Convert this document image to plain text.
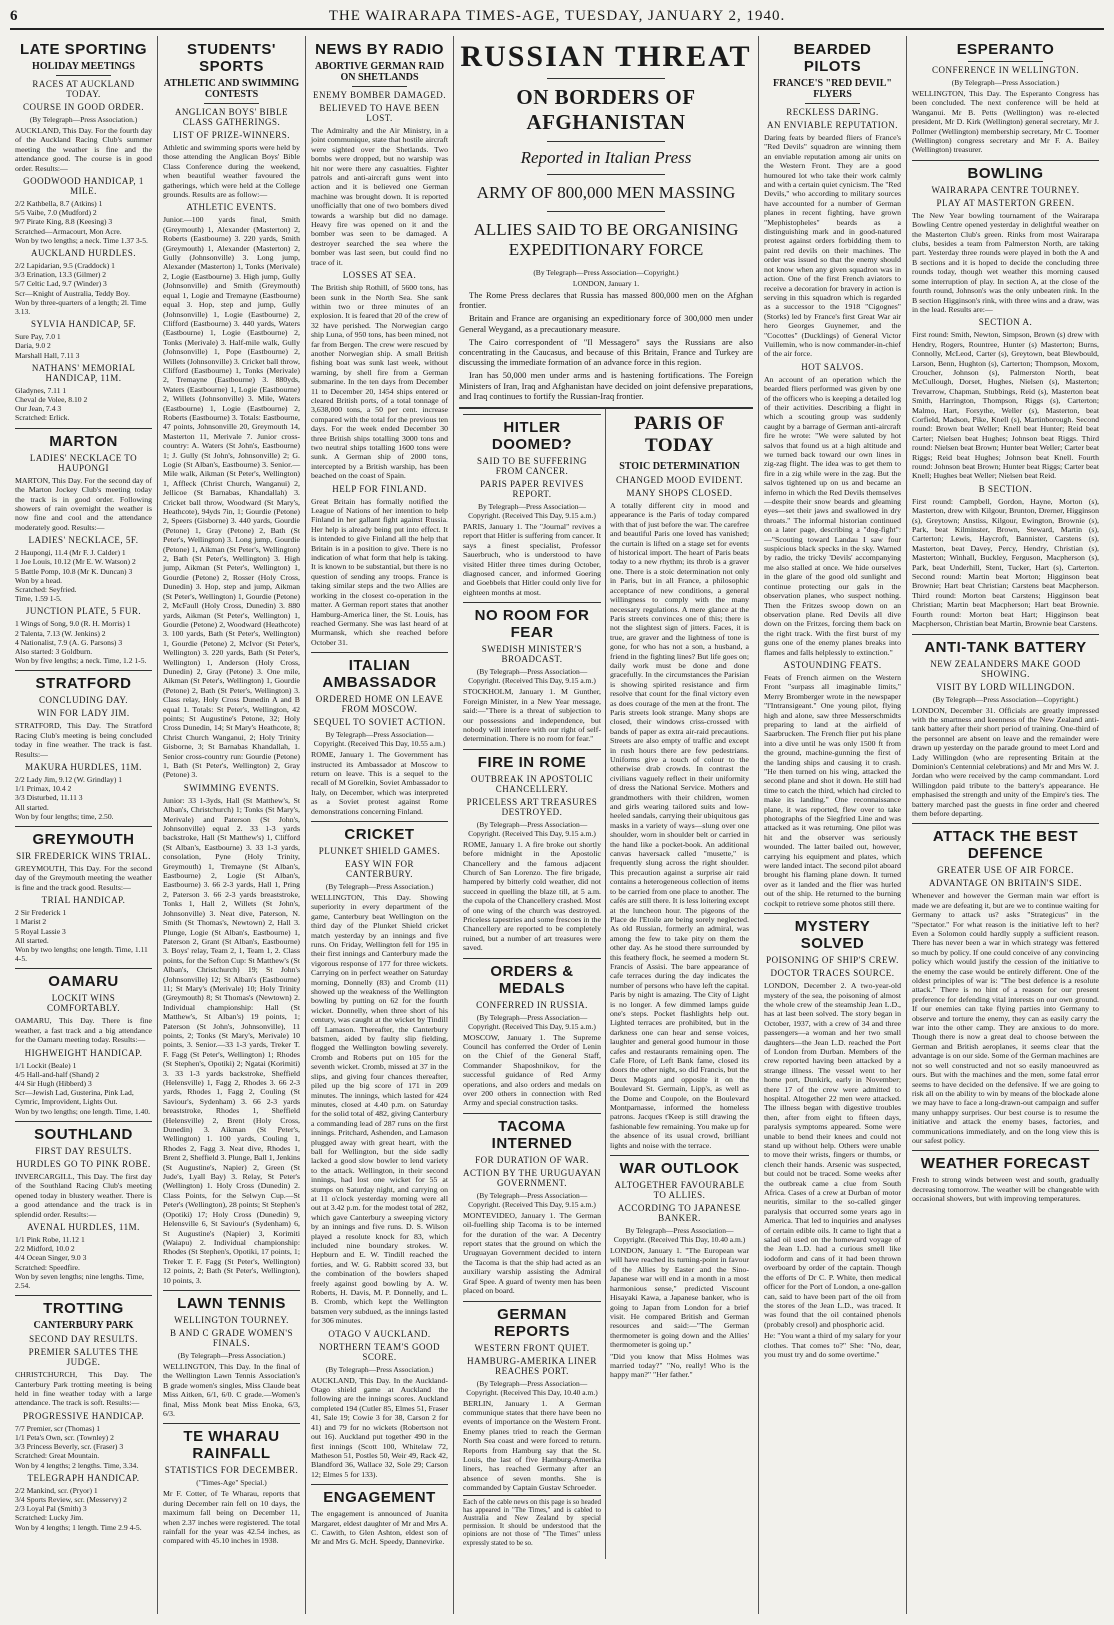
6	THE WAIRARAPA TIMES-AGE, TUESDAY, JANUARY 2, 1940.
LATE SPORTING
HOLIDAY MEETINGS
RACES AT AUCKLAND TODAY.
COURSE IN GOOD ORDER.
(By Telegraph—Press Association.)

AUCKLAND, This Day. For the fourth day of the Auckland Racing Club's summer meeting the weather is fine and the attendance good. The course is in good order. Results:—

GOODWOOD HANDICAP, 1 MILE.

2/2 Kathbella, 8.7 (Atkins) 1
5/5 Vaibe, 7.0 (Mudford) 2
9/7 Pirate King, 8.8 (Keesing) 3
Scratched—Armacourt, Mon Acre.
Won by two lengths; a neck. Time 1.37 3-5.

AUCKLAND HURDLES.

2/2 Lapidarian, 9.5 (Craddock) 1
3/3 Erination, 13.3 (Gilmer) 2
5/7 Celtic Lad, 9.7 (Winder) 3
Scr—Knight of Australia, Teddy Boy.
Won by three-quarters of a length; 2l. Time 3.13.

SYLVIA HANDICAP, 5F.

Sure Pay, 7.0 1
Daria, 9.0 2
Marshall Hall, 7.11 3

NATHANS' MEMORIAL HANDICAP, 11M.

Gladynes, 7.11 1
Cheval de Volee, 8.10 2
Our Jean, 7.4 3
Scratched: Erlick.

MARTON
LADIES' NECKLACE TO HAUPONGI

MARTON, This Day. For the second day of the Marton Jockey Club's meeting today the track is in good order. Following showers of rain overnight the weather is now fine and cool and the attendance moderately good. Results:—

LADIES' NECKLACE, 5F.

2 Haupongi, 11.4 (Mr F. J. Calder) 1
1 Joe Louis, 10.12 (Mr E. W. Watson) 2
5 Battle Pomp, 10.8 (Mr K. Duncan) 3
Won by a head.
Scratched: Seyfried.
Time, 1.59 1-5.

JUNCTION PLATE, 5 FUR.

1 Wings of Song, 9.0 (R. H. Morris) 1
2 Talenta, 7.13 (W. Jenkins) 2
4 Nationalist, 7.9 (A. G. Parsons) 3
Also started: 3 Goldburn.
Won by five lengths; a neck. Time, 1.2 1-5.

STRATFORD
CONCLUDING DAY.
WIN FOR LADY JIM.

STRATFORD, This Day. The Stratford Racing Club's meeting is being concluded today in fine weather. The track is fast. Results:—

MAKURA HURDLES, 11M.

2/2 Lady Jim, 9.12 (W. Grindlay) 1
1/1 Primax, 10.4 2
3/3 Disturbed, 11.11 3
All started.
Won by four lengths; time, 2.50.

GREYMOUTH
SIR FREDERICK WINS TRIAL.

GREYMOUTH, This Day. For the second day of the Greymouth meeting the weather is fine and the track good. Results:—

TRIAL HANDICAP.

2 Sir Frederick 1
1 Marist 2
5 Royal Lassie 3
All started.
Won by two lengths; one length. Time, 1.11 4-5.

OAMARU
LOCKIT WINS COMFORTABLY.

OAMARU, This Day. There is fine weather, a fast track and a big attendance for the Oamaru meeting today. Results:—

HIGHWEIGHT HANDICAP.

1/1 Lockit (Beale) 1
4/5 Hall-and-half (Shand) 2
4/4 Sir Hugh (Hibberd) 3
Scr—Jewish Lad, Gusterina, Pink Lad, Cymric, Improvident, Lights Out.
Won by two lengths; one length. Time, 1.40.

SOUTHLAND
FIRST DAY RESULTS.
HURDLES GO TO PINK ROBE.

INVERCARGILL, This Day. The first day of the Southland Racing Club's meeting opened today in blustery weather. There is a good attendance and the track is in splendid order. Results:—

AVENAL HURDLES, 11M.

1/1 Pink Robe, 11.12 1
2/2 Midford, 10.0 2
4/4 Ocean Singer, 9.0 3
Scratched: Speedfire.
Won by seven lengths; nine lengths. Time, 2.54.

TROTTING
CANTERBURY PARK
SECOND DAY RESULTS.
PREMIER SALUTES THE JUDGE.

CHRISTCHURCH, This Day. The Canterbury Park trotting meeting is being held in fine weather today with a large attendance. The track is soft. Results:—

PROGRESSIVE HANDICAP.

7/7 Premier, scr (Thomas) 1
1/1 Peta's Own, scr. (Townley) 2
3/3 Princess Beverly, scr. (Fraser) 3
Scratched: Great Mountain.
Won by 4 lengths; 2 lengths. Time, 3.34.

TELEGRAPH HANDICAP.

2/2 Mankind, scr. (Pryor) 1
3/4 Sports Review, scr. (Messervy) 2
2/3 Loyal Pal (Smith) 3
Scratched: Lucky Jim.
Won by 4 lengths; 1 length. Time 2.9 4-5.

STUDENTS' SPORTS
ATHLETIC AND SWIMMING CONTESTS
ANGLICAN BOYS' BIBLE CLASS GATHERINGS.
LIST OF PRIZE-WINNERS.

Athletic and swimming sports were held by those attending the Anglican Boys' Bible Class Conference during the weekend, when beautiful weather favoured the gatherings, which were held at the College grounds. Results are as follow:—

ATHLETIC EVENTS.

Junior.—100 yards final, Smith (Greymouth) 1, Alexander (Masterton) 2, Roberts (Eastbourne) 3. 220 yards, Smith (Greymouth) 1, Alexander (Masterton) 2, Gully (Johnsonville) 3. Long jump, Alexander (Masterton) 1, Tonks (Merivale) 2, Logie (Eastbourne) 3. High jump, Gully (Johnsonville) and Smith (Greymouth) equal 1, Logie and Tremayne (Eastbourne) equal 3. Hop, step and jump, Gully (Johnsonville) 1, Logie (Eastbourne) 2, Clifford (Eastbourne) 3. 440 yards, Waters (Eastbourne) 1, Logie (Eastbourne) 2, Tonks (Merivale) 3. Half-mile walk, Gully (Johnsonville) 1, Pope (Eastbourne) 2, Willets (Johnsonville) 3. Cricket ball throw, Clifford (Eastbourne) 1, Tonks (Merivale) 2, Tremayne (Eastbourne) 3. 880yds, Waters (Eastbourne) 1, Logie (Eastbourne) 2, Willets (Johnsonville) 3. Mile, Waters (Eastbourne) 1, Logie (Eastbourne) 2, Roberts (Eastbourne) 3. Totals: Eastbourne, 47 points, Johnsonville 20, Greymouth 14, Masterton 11, Merivale 7. Junior cross-country: A. Waters (St John's, Eastbourne) 1; J. Gully (St John's, Johnsonville) 2; G. Logie (St Alban's, Eastbourne) 3. Senior.—Mile walk, Aikman (St Peter's, Wellington) 1, Affleck (Christ Church, Wanganui) 2, Jellicoe (St Barnabas, Khandallah) 3. Cricket ball throw, Woodward (St Mary's, Heathcote), 94yds 7in, 1; Gourdie (Petone) 2, Speers (Gisborne) 3. 440 yards, Gourdie (Petone) 1, Gray (Petone) 2, Bath (St Peter's, Wellington) 3. Long jump, Gourdie (Petone) 1, Aikman (St Peter's, Wellington) 2, Bath (St Peter's, Wellington) 3. High jump, Aikman (St Peter's, Wellington) 1, Gourdie (Petone) 2, Rosser (Holy Cross, Dunedin) 3. Hop, step and jump, Aikman (St Peter's, Wellington) 1, Gourdie (Petone) 2, McFaull (Holy Cross, Dunedin) 3. 880 yards, Aikman (St Peter's, Wellington) 1, Gourdie (Petone) 2, Woodward (Heathcote) 3. 100 yards, Bath (St Peter's, Wellington) 1, Gourdie (Petone) 2, McIvor (St Peter's, Wellington) 3. 220 yards, Bath (St Peter's, Wellington) 1, Anderson (Holy Cross, Dunedin) 2, Gray (Petone) 3. One mile, Aikman (St Peter's, Wellington) 1, Gourdie (Petone) 2, Bath (St Peter's, Wellington) 3. Class relay, Holy Cross Dunedin A and B equal 1. Totals: St Peter's, Wellington, 42 points; St Augustine's Petone, 32; Holy Cross Dunedin, 14; St Mary's Heathcote, 8; Christ Church Wanganui, 2; Holy Trinity Gisborne, 3; St Barnabas Khandallah, 1. Senior cross-country run: Gourdie (Petone) 1, Bath (St Peter's, Wellington) 2, Gray (Petone) 3.

SWIMMING EVENTS.

Junior: 33 1-3yds, Hall (St Matthew's, St Alban's, Christchurch) 1; Tonks (St Mary's, Merivale) and Paterson (St John's, Johnsonville) equal 2. 33 1-3 yards backstroke, Hall (St Matthew's) 1, Clifford (St Alban's, Eastbourne) 3. 33 1-3 yards, consolation, Pyne (Holy Trinity, Greymouth) 1, Tremayne (St Alban's, Eastbourne) 2, Logie (St Alban's, Eastbourne) 3. 66 2-3 yards, Hall 1, Pring 2, Paterson 3. 66 2-3 yards breaststroke, Tonks 1, Hall 2, Willets (St John's, Johnsonville) 3. Neat dive, Paterson, N. Smith (St Thomas's, Newtown) 2, Hall 3. Plunge, Logie (St Alban's, Eastbourne) 1, Paterson 2, Grant (St Alban's, Eastbourne) 3. Boys' relay, Team 2, 1, Team 1, 2. Class points, for the Sefton Cup: St Matthew's (St Alban's, Christchurch) 19; St John's (Johnsonville) 12; St Alban's (Eastbourne) 11; St Mary's (Merivale) 10; Holy Trinity (Greymouth) 8; St Thomas's (Newtown) 2. Individual championship: Hall (St Matthew's, St Alban's) 19 points, 1; Paterson (St John's, Johnsonville), 11 points, 2; Tonks (St Mary's, Merivale) 10 points, 3. Senior.—33 1-3 yards, Treker T. F. Fagg (St Peter's, Wellington) 1; Rhodes (St Stephen's, Opotiki) 2; Ngatai (Korimiti) 3. 33 1-3 yards backstroke, Sheffield (Helensville) 1, Fagg 2, Rhodes 3. 66 2-3 yards, Rhodes 1, Fagg 2, Couling (St Saviour's, Sydenham) 3. 66 2-3 yards breaststroke, Rhodes 1, Sheffield (Helensville) 2, Brent (Holy Cross, Dunedin) 3. Aikman (St Peter's, Wellington) 1. 100 yards, Couling 1, Rhodes 2, Fagg 3. Neat dive, Rhodes 1, Brent 2, Sheffield 3. Plunge, Ball 1, Jenkins (St Augustine's, Napier) 2, Green (St Jude's, Lyall Bay) 3. Relay, St Peter's (Wellington) 1. Holy Cross (Dunedin) 2. Class Points, for the Selwyn Cup.—St Peter's (Wellington), 28 points; St Stephen's (Opotiki) 17; Holy Cross (Dunedin) 9, Helensville 6, St Saviour's (Sydenham) 6, St Augustine's (Napier) 3, Korimiti (Waiapu) 2. Individual championship: Rhodes (St Stephen's, Opotiki, 17 points, 1; Treker T. F. Fagg (St Peter's, Wellington) 12 points, 2; Bath (St Peter's, Wellington), 10 points, 3.

LAWN TENNIS
WELLINGTON TOURNEY.
B AND C GRADE WOMEN'S FINALS.
(By Telegraph—Press Association.)

WELLINGTON, This Day. In the final of the Wellington Lawn Tennis Association's B grade women's singles, Miss Claude beat Miss Aitken, 6/1, 6/0. C grade.—Women's final, Miss Monk beat Miss Enoka, 6/3, 6/3.

TE WHARAU RAINFALL
STATISTICS FOR DECEMBER.
("Times-Age" Special.)

Mr F. Cotter, of Te Wharau, reports that during December rain fell on 10 days, the maximum fall being on December 11, when 2.37 inches were registered. The total rainfall for the year was 42.54 inches, as compared with 45.10 inches in 1938.

NEWS BY RADIO
ABORTIVE GERMAN RAID ON SHETLANDS
ENEMY BOMBER DAMAGED.
BELIEVED TO HAVE BEEN LOST.

The Admiralty and the Air Ministry, in a joint communique, state that hostile aircraft were sighted over the Shetlands. Two bombs were dropped, but no warship was hit nor were there any casualties. Fighter patrols and anti-aircraft guns went into action and it is believed one German machine was brought down. It is reported unofficially that one of two bombers dived towards a warship but did no damage. Heavy fire was opened on it and the bomber was seen to be damaged. A destroyer searched the sea where the bomber was last seen, but could find no trace of it.

LOSSES AT SEA.

The British ship Rothill, of 5600 tons, has been sunk in the North Sea. She sank within two or three minutes of an explosion. It is feared that 20 of the crew of 32 have perished. The Norwegian cargo ship Luna, of 950 tons, has been mined, not far from Bergen. The crew were rescued by another Norwegian ship. A small British fishing boat was sunk last week, without warning, by shell fire from a German submarine. In the ten days from December 11 to December 20, 1454 ships entered or cleared British ports, of a total tonnage of 3,638,000 tons, a 50 per cent. increase compared with the total for the previous ten days. For the week ended December 30 three British ships totalling 3000 tons and two neutral ships totalling 1600 tons were sunk. A German ship of 2000 tons, intercepted by a British warship, has been beached on the coast of Spain.

HELP FOR FINLAND.

Great Britain has formally notified the League of Nations of her intention to help Finland in her gallant fight against Russia. Her help is already being put into effect. It is intended to give Finland all the help that Britain is in a position to give. There is no indication of what form that help is taking. It is known to be substantial, but there is no question of sending any troops. France is taking similar steps and the two Allies are working in the closest co-operation in the matter. A German report states that another Hamburg-America liner, the St. Louis, has reached Germany. She was last heard of at Murmansk, which she reached before October 31.

ITALIAN AMBASSADOR
ORDERED HOME ON LEAVE FROM MOSCOW.
SEQUEL TO SOVIET ACTION.
By Telegraph—Press Association—Copyright. (Received This Day, 10.55 a.m.)

ROME, January 1. The Government has instructed its Ambassador at Moscow to return on leave. This is a sequel to the recall of M Gorelkin, Soviet Ambassador to Italy, on December, which was interpreted as a Soviet protest against Rome demonstrations concerning Finland.

CRICKET
PLUNKET SHIELD GAMES.
EASY WIN FOR CANTERBURY.
(By Telegraph—Press Association.)

WELLINGTON, This Day. Showing superiority in every department of the game, Canterbury beat Wellington on the third day of the Plunket Shield cricket match yesterday by an innings and five runs. On Friday, Wellington fell for 195 in their first innings and Canterbury made the vigorous response of 177 for three wickets. Carrying on in perfect weather on Saturday morning, Donnelly (83) and Cromb (11) showed up the weakness of the Wellington bowling by putting on 62 for the fourth wicket. Donnelly, when three short of his century, was caught at the wicket by Tindill off Lamason. Thereafter, the Canterbury batsmen, aided by faulty slip fielding, flogged the Wellington bowling severely. Cromb and Roberts put on 105 for the seventh wicket. Cromb, missed at 37 in the slips, and giving four chances thereafter, piled up the big score of 171 in 209 minutes. The innings, which lasted for 424 minutes, closed at 4.40 p.m. on Saturday for the solid total of 482, giving Canterbury a commanding lead of 287 runs on the first innings. Pritchard, Ashenden, and Lamason plugged away with great heart, with the ball for Wellington, but the side sadly lacked a good slow bowler to lend variety to the attack. Wellington, in their second innings, had lost one wicket for 55 at stumps on Saturday night, and carrying on at 11 o'clock yesterday morning were all out at 3.42 p.m. for the modest total of 282, which gave Canterbury a sweeping victory by an innings and five runs. D. S. Wilson played a resolute knock for 83, which included nine boundary strokes. W. Hepburn and E. W. Tindill reached the forties, and W. G. Rabbitt scored 33, but the combination of the bowlers shaped freely against good bowling by A. W. Roberts, H. Davis, M. P. Donnelly, and L. B. Cromb, which kept the Wellington batsmen very subdued, as the innings lasted for 306 minutes.

OTAGO V AUCKLAND.
NORTHERN TEAM'S GOOD SCORE.
(By Telegraph—Press Association.)

AUCKLAND, This Day. In the Auckland-Otago shield game at Auckland the following are the innings scores. Auckland completed 194 (Cutler 85, Elmes 51, Fraser 41, Sale 19; Cowie 3 for 38, Carson 2 for 41) and 79 for no wickets (Robertson not out 16). Auckland put together 490 in the first innings (Scott 100, Whitelaw 72, Matheson 51, Postles 50, Weir 49, Rack 42, Blandford 36, Wallace 32, Sole 29; Carson 12; Elmes 5 for 133).

ENGAGEMENT

The engagement is announced of Juanita Margaret, eldest daughter of Mr and Mrs A. C. Cawith, to Glen Ashton, eldest son of Mr and Mrs G. McH. Speedy, Dannevirke.

RUSSIAN THREAT
ON BORDERS OF AFGHANISTAN
Reported in Italian Press
ARMY OF 800,000 MEN MASSING
ALLIES SAID TO BE ORGANISING EXPEDITIONARY FORCE
(By Telegraph—Press Association—Copyright.)
LONDON, January 1.

The Rome Press declares that Russia has massed 800,000 men on the Afghan frontier.

Britain and France are organising an expeditionary force of 300,000 men under General Weygand, as a precautionary measure.

The Cairo correspondent of "Il Messagero" says the Russians are also concentrating in the Caucasus, and because of this Britain, France and Turkey are discussing the immediate formation of an advance force in this region.

Iran has 50,000 men under arms and is hastening fortifications. The Foreign Ministers of Iran, Iraq and Afghanistan have decided on joint defensive preparations, and Iraq continues to fortify the Russian-Iraq frontier.

HITLER DOOMED?
SAID TO BE SUFFERING FROM CANCER.
PARIS PAPER REVIVES REPORT.
By Telegraph—Press Association—Copyright. (Received This Day, 9.15 a.m.)

PARIS, January 1. The "Journal" revives a report that Hitler is suffering from cancer. It says a finest specialist, Professor Sauerbruch, who is understood to have visited Hitler three times during October, diagnosed cancer, and informed Goering and Goebbels that Hitler could only live for eighteen months at most.

NO ROOM FOR FEAR
SWEDISH MINISTER'S BROADCAST.
(By Telegraph—Press Association—Copyright. (Received This Day, 9.15 a.m.)

STOCKHOLM, January 1. M Gunther, Foreign Minister, in a New Year message, said:—"There is a threat of subjection to our possessions and independence, but nobody will interfere with our right of self-determination. There is no room for fear."

FIRE IN ROME
OUTBREAK IN APOSTOLIC CHANCELLERY.
PRICELESS ART TREASURES DESTROYED.
(By Telegraph—Press Association—Copyright. (Received This Day, 9.15 a.m.)

ROME, January 1. A fire broke out shortly before midnight in the Apostolic Chancellery and the famous adjacent Church of San Lorenzo. The fire brigade, hampered by bitterly cold weather, did not succeed in quelling the blaze till, at 5 a.m. the cupola of the Chancellery crashed. Most of one wing of the church was destroyed. Priceless tapestries and some frescoes in the Chancellery are reported to be completely ruined, but a number of art treasures were saved.

ORDERS & MEDALS
CONFERRED IN RUSSIA.
(By Telegraph—Press Association—Copyright. (Received This Day, 9.15 a.m.)

MOSCOW, January 1. The Supreme Council has conferred the Order of Lenin on the Chief of the General Staff, Commander Shaposhnikov, for the successful guidance of Red Army operations, and also orders and medals on over 200 others in connection with Red Army and special construction tasks.

TACOMA INTERNED
FOR DURATION OF WAR.
ACTION BY THE URUGUAYAN GOVERNMENT.
(By Telegraph—Press Association—Copyright. (Received This Day, 9.15 a.m.)

MONTEVIDEO, January 1. The German oil-fuelling ship Tacoma is to be interned for the duration of the war. A Decentry report states that the ground on which the Uruguayan Government decided to intern the Tacoma is that the ship had acted as an auxiliary warship assisting the Admiral Graf Spee. A guard of twenty men has been placed on board.

GERMAN REPORTS
WESTERN FRONT QUIET.
HAMBURG-AMERIKA LINER REACHES PORT.
(By Telegraph—Press Association—Copyright. (Received This Day, 10.40 a.m.)

BERLIN, January 1. A German communique states that there have been no events of importance on the Western Front. Enemy planes tried to reach the German North Sea coast and were forced to return. Reports from Hamburg say that the St. Louis, the last of five Hamburg-Amerika liners, has reached Germany after an absence of seven months. She is commanded by Captain Gustav Schroeder.

Each of the cable news on this page is so headed has appeared in "The Times," and is cabled to Australia and New Zealand by special permission. It should be understood that the opinions are not those of "The Times" unless expressly stated to be so.

PARIS OF TODAY
STOIC DETERMINATION
CHANGED MOOD EVIDENT.
MANY SHOPS CLOSED.

A totally different city in mood and appearance is the Paris of today compared with that of just before the war. The carefree and beautiful Paris one loved has vanished; the curtain is lifted on a stage set for events of historical import. The heart of Paris beats today to a new rhythm; its throb is a graver one. There is a stoic determination not only in Paris, but in all France, a philosophic acceptance of new conditions, a general willingness to comply with the many necessary regulations. A mere glance at the Paris streets convinces one of this; there is not the slightest sign of jitters. Faces, it is true, are graver and the lightness of tone is gone, for who has not a son, a husband, a friend in the fighting lines? But life goes on; daily work must be done and done gracefully. In the circumstances the Parisian is showing spirited resistance and firm resolve that count for the final victory even as does courage of the men at the front. The Paris streets look strange. Many shops are closed, their windows criss-crossed with bands of paper as extra air-raid precautions. Streets are also empty of traffic and except in rush hours there are few pedestrians. Uniforms give a touch of colour to the otherwise drab crowds. In contrast the civilians vaguely reflect in their uniformity of dress the National Service. Mothers and grandmothers with their children, women and girls wearing tailored suits and low-heeled sandals, carrying their ubiquitous gas masks in a variety of ways—slung over one shoulder, worn in shoulder belt or carried in the hand like a pocket-book. An additional canvas haversack called "musette," is frequently slung across the right shoulder. This precaution against a surprise air raid contains a heterogeneous collection of items to be carried from one place to another. The cafés are still there. It is less loitering except at the luncheon hour. The pigeons of the Place de l'Etoile are being sorely neglected. As old Russian, formerly an admiral, was among the few to take pity on them the other day. As he stood there surrounded by this feathery flock, he seemed a modern St. Francis of Assisi. The bare appearance of cafe terraces during the day indicates the number of persons who have left the capital. Paris by night is amazing. The City of Light is no longer. A few dimmed lamps guide one's steps. Pocket flashlights help out. Lighted terraces are prohibited, but in the darkness one can hear and sense voices, laughter and general good humour in those cafes and restaurants remaining open. The Cafe Flore, of Left Bank fame, closed its doors the other night, so did Francis, but the Deux Magots and opposite it on the Boulevard St. Germain, Lipp's, as well as the Dome and Coupole, on the Boulevard Montparnasse, informed the homeless patrons. Jacques t'Keep is still drawing the fashionable few remaining. You make up for the absence of its usual crowd, brilliant lights and noise with the terrace.

WAR OUTLOOK
ALTOGETHER FAVOURABLE TO ALLIES.
ACCORDING TO JAPANESE BANKER.
By Telegraph—Press Association—Copyright. (Received This Day, 10.40 a.m.)

LONDON, January 1. "The European war will have reached its turning-point in favour of the Allies by Easter and the Sino-Japanese war will end in a month in a most harmonious sense," predicted Viscount Hisayaki Kawa, a Japanese banker, who is going to Japan from London for a brief visit. He compared British and German resources and said:—"The German thermometer is going down and the Allies' thermometer is going up."

"Did you know that Miss Holmes was married today?" "No, really! Who is the happy man?" "Her father."

BEARDED PILOTS
FRANCE'S "RED DEVIL" FLYERS
RECKLESS DARING.
AN ENVIABLE REPUTATION.

Daring feats by bearded fliers of France's "Red Devils" squadron are winning them an enviable reputation among air units on the Western Front. They are a good humoured lot who take their work calmly and with a certain quiet cynicism. The "Red Devils," who according to military sources have accounted for a number of German planes in recent fighting, have grown "Mephistopheles" beards as a distinguishing mark and in good-natured protest against orders forbidding them to paint red devils on their machines. The order was issued so that the enemy should not know when any given squadron was in action. One of the first French aviators to receive a decoration for bravery in action is serving in this squadron which is regarded as a successor to the 1918 "Cigognes" (Storks) led by France's first Great War air hero Georges Guynemer, and the "Cocottes" (Ducklings) of General Victor Vuillemin, who is now commander-in-chief of the air force.

HOT SALVOS.

An account of an operation which the bearded fliers performed was given by one of the officers who is keeping a detailed log of their activities. Describing a flight in which a scouting group was suddenly caught by a barrage of German anti-aircraft fire he wrote: "We were saluted by hot salvos that found us at a high altitude and we turned back toward our own lines in zig-zag flight. The idea was to get them to fire in a zig while were in the zag. But the salvos tightened up on us and became an inferno in which the Red Devils themselves—despite their snow beards and gleaming eyes—set their jaws and swallowed in dry throats." The informal historian continued on a later page, describing a "dog-fight":—"Scouting toward Landau I saw four suspicious black specks in the sky. Warned by radio, the tricky 'Devils' accompanying me also stalled at once. We hide ourselves in the glare of the good old sunlight and continue protecting our gals in the observation planes, who suspect nothing. Then the Fritzes swoop down on an observation plane. Red Devils all dive down on the Fritzes, forcing them back on the right track. With the first burst of my guns one of the enemy planes breaks into flames and falls helplessly to extinction."

ASTOUNDING FEATS.

Feats of French airmen on the Western Front "surpass all imaginable limits," Merry Bromberger wrote in the newspaper "l'Intransigeant." One young pilot, flying high and alone, saw three Messerschmidts preparing to land at the airfield of Saarbrucken. The French flier put his plane into a dive until he was only 1500 ft from the ground, machine-gunning the first of the landing ships and causing it to crash. "He then turned on his wing, attacked the second plane and shot it down. He still had time to catch the third, which had circled to make its landing." One reconnaissance plane, it was reported, flew over to take photographs of the Siegfried Line and was attacked as it was returning. One pilot was hit and the observer was seriously wounded. The latter bailed out, however, carrying his equipment and plates, which were landed intact. The second pilot aboard brought his flaming plane down. It turned over as it landed and the flier was hurled out of the ship. He returned to the burning cockpit to retrieve some photos still there.

MYSTERY SOLVED
POISONING OF SHIP'S CREW.
DOCTOR TRACES SOURCE.

LONDON, December 2. A two-year-old mystery of the sea, the poisoning of almost the whole crew of the steamship Jean L.D., has at last been solved. The story began in October, 1937, with a crew of 34 and three passengers—a woman and her two small daughters—the Jean L.D. reached the Port of London from Durban. Members of the crew reported having been attacked by a strange illness. The vessel went to her home port, Dunkirk, early in November; there 17 of the crew were admitted to hospital. Altogether 22 men were attacked. The illness began with digestive troubles then, after from eight to fifteen days, paralysis symptoms appeared. Some were unable to bend their knees and could not stand up without help. Others were unable to move their wrists, fingers or thumbs, or clench their hands. Arsenic was suspected, but could not be traced. Some weeks after the outbreak came a clue from South Africa. Cases of a crew at Durban of motor neuritis, similar to the so-called ginger paralysis that occurred some years ago in America. That led to inquiries and analyses of certain edible oils. It came to light that a salad oil used on the homeward voyage of the Jean L.D. had a curious smell like iodoform and cans of it had been thrown overboard by order of the captain. Though the efforts of Dr C. P. White, then medical officer for the Port of London, a one-gallon can, said to have been part of the oil from the stores of the Jean L.D., was traced. It was found that the oil contained phenols (probably cresol) and phosphoric acid.

He: "You want a third of my salary for your clothes. That comes to?" She: "No, dear, you must try and do some overtime."

ESPERANTO
CONFERENCE IN WELLINGTON.
(By Telegraph—Press Association.)

WELLINGTON, This Day. The Esperanto Congress has been concluded. The next conference will be held at Wanganui. Mr B. Petts (Wellington) was re-elected president, Mr D. Kirk (Wellington) general secretary, Mr J. Pollmer (Wellington) membership secretary, Mr C. Toomer (Wellington) congress secretary and Mr F. A. Bailey (Wellington) treasurer.

BOWLING
WAIRARAPA CENTRE TOURNEY.
PLAY AT MASTERTON GREEN.

The New Year bowling tournament of the Wairarapa Bowling Centre opened yesterday in delightful weather on the Masterton Club's green. Rinks from most Wairarapa clubs, besides a team from Palmerston North, are taking part. Yesterday three rounds were played in both the A and B sections and it is hoped to decide the concluding three rounds today, though wet weather this morning caused some interruption of play. In section A, at the close of the fourth round, Johnson's was the only unbeaten rink. In the B section Higginson's rink, with three wins and a draw, was in the lead. Results are:—

SECTION A.

First round: Smith, Newton, Simpson, Brown (s) drew with Hendry, Rogers, Rountree, Hunter (s) Masterton; Burns, Connolly, McLeod, Carter (s), Greytown, beat Blewbould, Larson, Benn, Hughton (s), Carterton; Thompson, Moxom, Croucher, Johnson (s), Palmerston North, beat McCullough, Dorset, Hughes, Nielsen (s), Masterton; Trevarrow, Chapman, Stubbings, Reid (s), Masterton beat Smith, Harrington, Thompson, Riggs (s), Carterton; Malmo, Hart, Forsythe, Weller (s), Masterton, beat Corfield, Madson, Pike, Knell (s), Martinborough. Second round: Brown beat Weller; Knell beat Hunter; Reid beat Carter; Nielsen beat Hughes; Johnson beat Riggs. Third round: Nielsen beat Brown; Hunter beat Weller; Carter beat Riggs; Reid beat Hughes; Johnson beat Knell. Fourth round: Johnson beat Brown; Hunter beat Riggs; Carter beat Knell; Hughes beat Weller; Nielsen beat Reid.

B SECTION.

First round: Campbell, Gordon, Hayne, Morton (s), Masterton, drew with Kilgour, Brunton, Drerner, Higginson (s), Greytown; Anstiss, Kilgour, Ewington, Brownie (s), Park, beat Kilminster, Brown, Steward, Martin (s), Carterton; Lewis, Haycroft, Bannister, Carstens (s), Masterton, beat Davey, Percy, Hendry, Christian (s), Masterton; Winhall, Buckley, Ferguson, Macpherson (s), Park, beat Underhill, Stent, Tucker, Hart (s), Carterton. Second round: Martin beat Morton; Higginson beat Brownie; Hart beat Christian; Carstens beat Macpherson. Third round: Morton beat Carstens; Higginson beat Christian; Martin beat Macpherson; Hart beat Brownie. Fourth round: Morton beat Hart; Higginson beat Macpherson, Christian beat Martin, Brownie beat Carstens.

ANTI-TANK BATTERY
NEW ZEALANDERS MAKE GOOD SHOWING.
VISIT BY LORD WILLINGDON.
(By Telegraph—Press Association—Copyright.)

LONDON, December 31. Officials are greatly impressed with the smartness and keenness of the New Zealand anti-tank battery after their short period of training. One-third of the personnel are absent on leave and the remainder were drawn up yesterday on the parade ground to meet Lord and Lady Willingdon (who are representing Britain at the Dominion's Centennial celebrations) and Mr and Mrs W. J. Jordan who were received by the camp commandant. Lord Willingdon paid tribute to the battery's appearance. He emphasised the strength and unity of the Empire's ties. The battery marched past the guests in fine order and cheered them before departing.

ATTACK THE BEST DEFENCE
GREATER USE OF AIR FORCE.
ADVANTAGE ON BRITAIN'S SIDE.

Whenever and however the German main war effort is made we are defeating it, but are we to continue waiting for Germany to attack us? asks "Strategicus" in the "Spectator." For what reason is the initiative left to her? Even a Solomon could hardly supply a sufficient reason. There has never been a war in which strategy was fettered so much by policy. If one could conceive of any convincing policy which would justify the cession of the initiative to the enemy the case would be entirely different. One of the oldest principles of war is: "The best defence is a resolute attack." There is no hint of a reason for our present preference for defending vital interests on our own ground. If our enemies can take flying parties into Germany to observe and torture the enemy, they can as easily carry the war into the other camp. They are anxious to do more. Though there is now a great deal to choose between the German and British aeroplanes, it seems clear that the advantage is on our side. Some of the German machines are not so well constructed and not so easily manoeuvred as ours. But with the machines and the men, some fatal error seems to have decided on the defensive. If we are going to risk all on the ability to win by means of the blockade alone we may have to face a long-drawn-out campaign and suffer many unhappy surprises. Our best course is to resume the initiative and attack the enemy bases, factories, and communications immediately, and on the long view this is our safest policy.

WEATHER FORECAST

Fresh to strong winds between west and south, gradually decreasing tomorrow. The weather will be changeable with occasional showers, but with improving temperatures.
